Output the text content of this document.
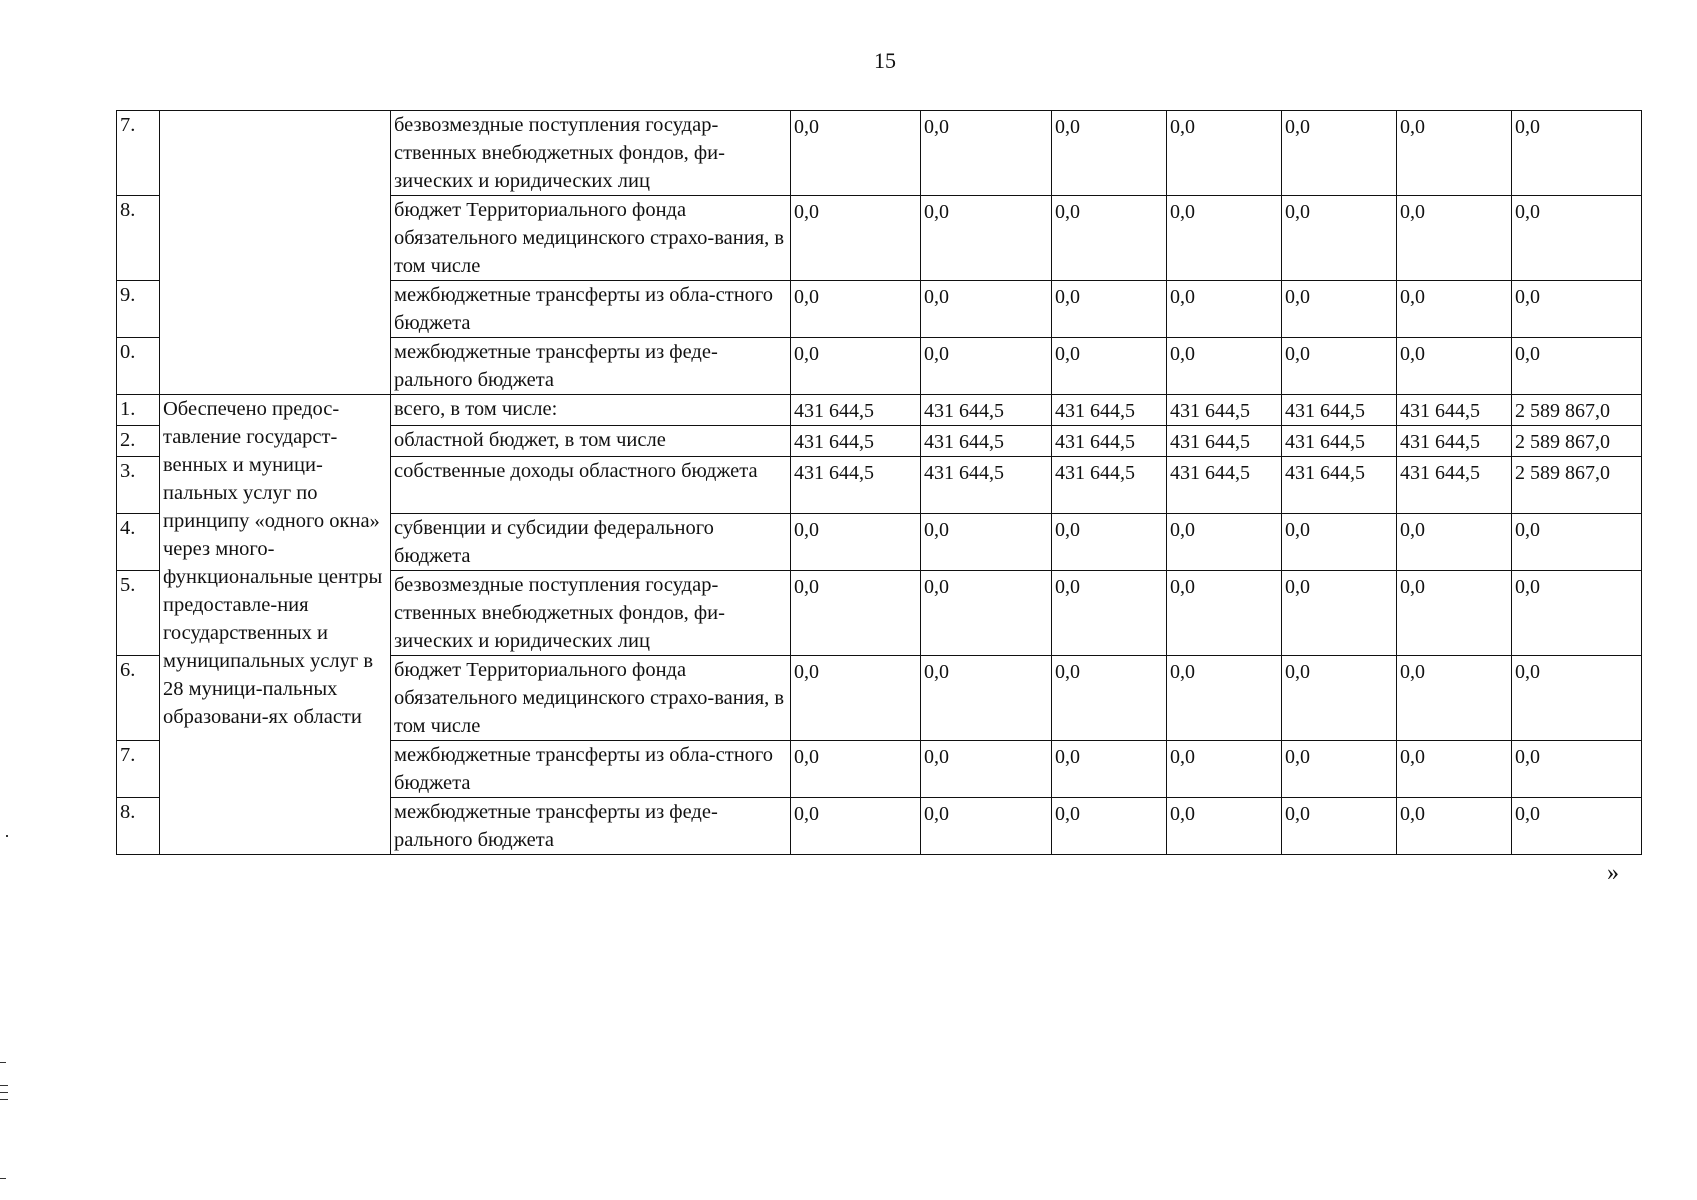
15
7.		безвозмездные поступления государ-ственных внебюджетных фондов, фи-зических и юридических лиц	0,0	0,0	0,0	0,0	0,0	0,0	0,0
8.		бюджет Территориального фонда обязательного медицинского страхо-вания, в том числе	0,0	0,0	0,0	0,0	0,0	0,0	0,0
9.		межбюджетные трансферты из обла-стного бюджета	0,0	0,0	0,0	0,0	0,0	0,0	0,0
0.		межбюджетные трансферты из феде-рального бюджета	0,0	0,0	0,0	0,0	0,0	0,0	0,0
1.	Обеспечено предос-тавление государст-венных и муници-пальных услуг по принципу «одного окна» через много-функциональные центры предоставле-ния государственных и муниципальных услуг в 28 муници-пальных образовани-ях области	всего, в том числе:	431 644,5	431 644,5	431 644,5	431 644,5	431 644,5	431 644,5	2 589 867,0
2.		областной бюджет, в том числе	431 644,5	431 644,5	431 644,5	431 644,5	431 644,5	431 644,5	2 589 867,0
3.		собственные доходы областного бюджета	431 644,5	431 644,5	431 644,5	431 644,5	431 644,5	431 644,5	2 589 867,0
4.		субвенции и субсидии федерального бюджета	0,0	0,0	0,0	0,0	0,0	0,0	0,0
5.		безвозмездные поступления государ-ственных внебюджетных фондов, фи-зических и юридических лиц	0,0	0,0	0,0	0,0	0,0	0,0	0,0
6.		бюджет Территориального фонда обязательного медицинского страхо-вания, в том числе	0,0	0,0	0,0	0,0	0,0	0,0	0,0
7.		межбюджетные трансферты из обла-стного бюджета	0,0	0,0	0,0	0,0	0,0	0,0	0,0
8.		межбюджетные трансферты из феде-рального бюджета	0,0	0,0	0,0	0,0	0,0	0,0	0,0
»
